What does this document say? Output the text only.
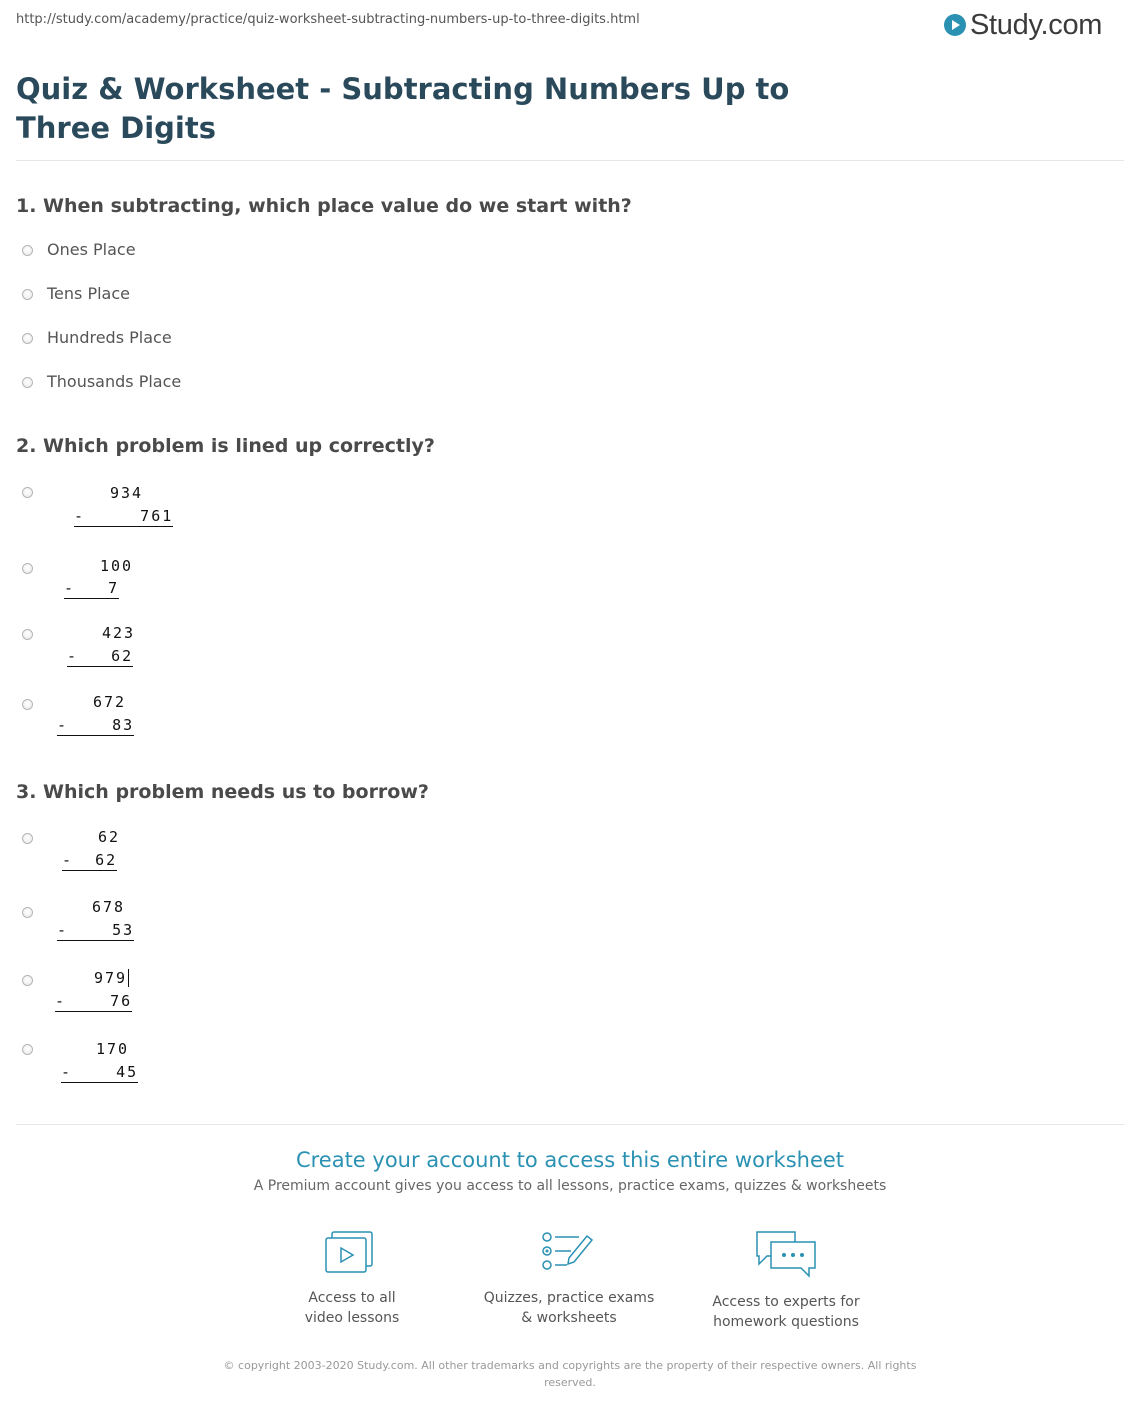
http://study.com/academy/practice/quiz-worksheet-subtracting-numbers-up-to-three-digits.html	Study.com
Quiz & Worksheet - Subtracting Numbers Up to Three Digits
1. When subtracting, which place value do we start with?
Ones Place
Tens Place
Hundreds Place
Thousands Place
2. Which problem is lined up correctly?
934
-     761
100
-   7
423
-   62
672
-    83
3. Which problem needs us to borrow?
62
-  62
678
-    53
979
-    76
170
-    45
Create your account to access this entire worksheet
A Premium account gives you access to all lessons, practice exams, quizzes & worksheets
Access to all
video lessons
Quizzes, practice exams
& worksheets
Access to experts for
homework questions
© copyright 2003-2020 Study.com. All other trademarks and copyrights are the property of their respective owners. All rights
reserved.
